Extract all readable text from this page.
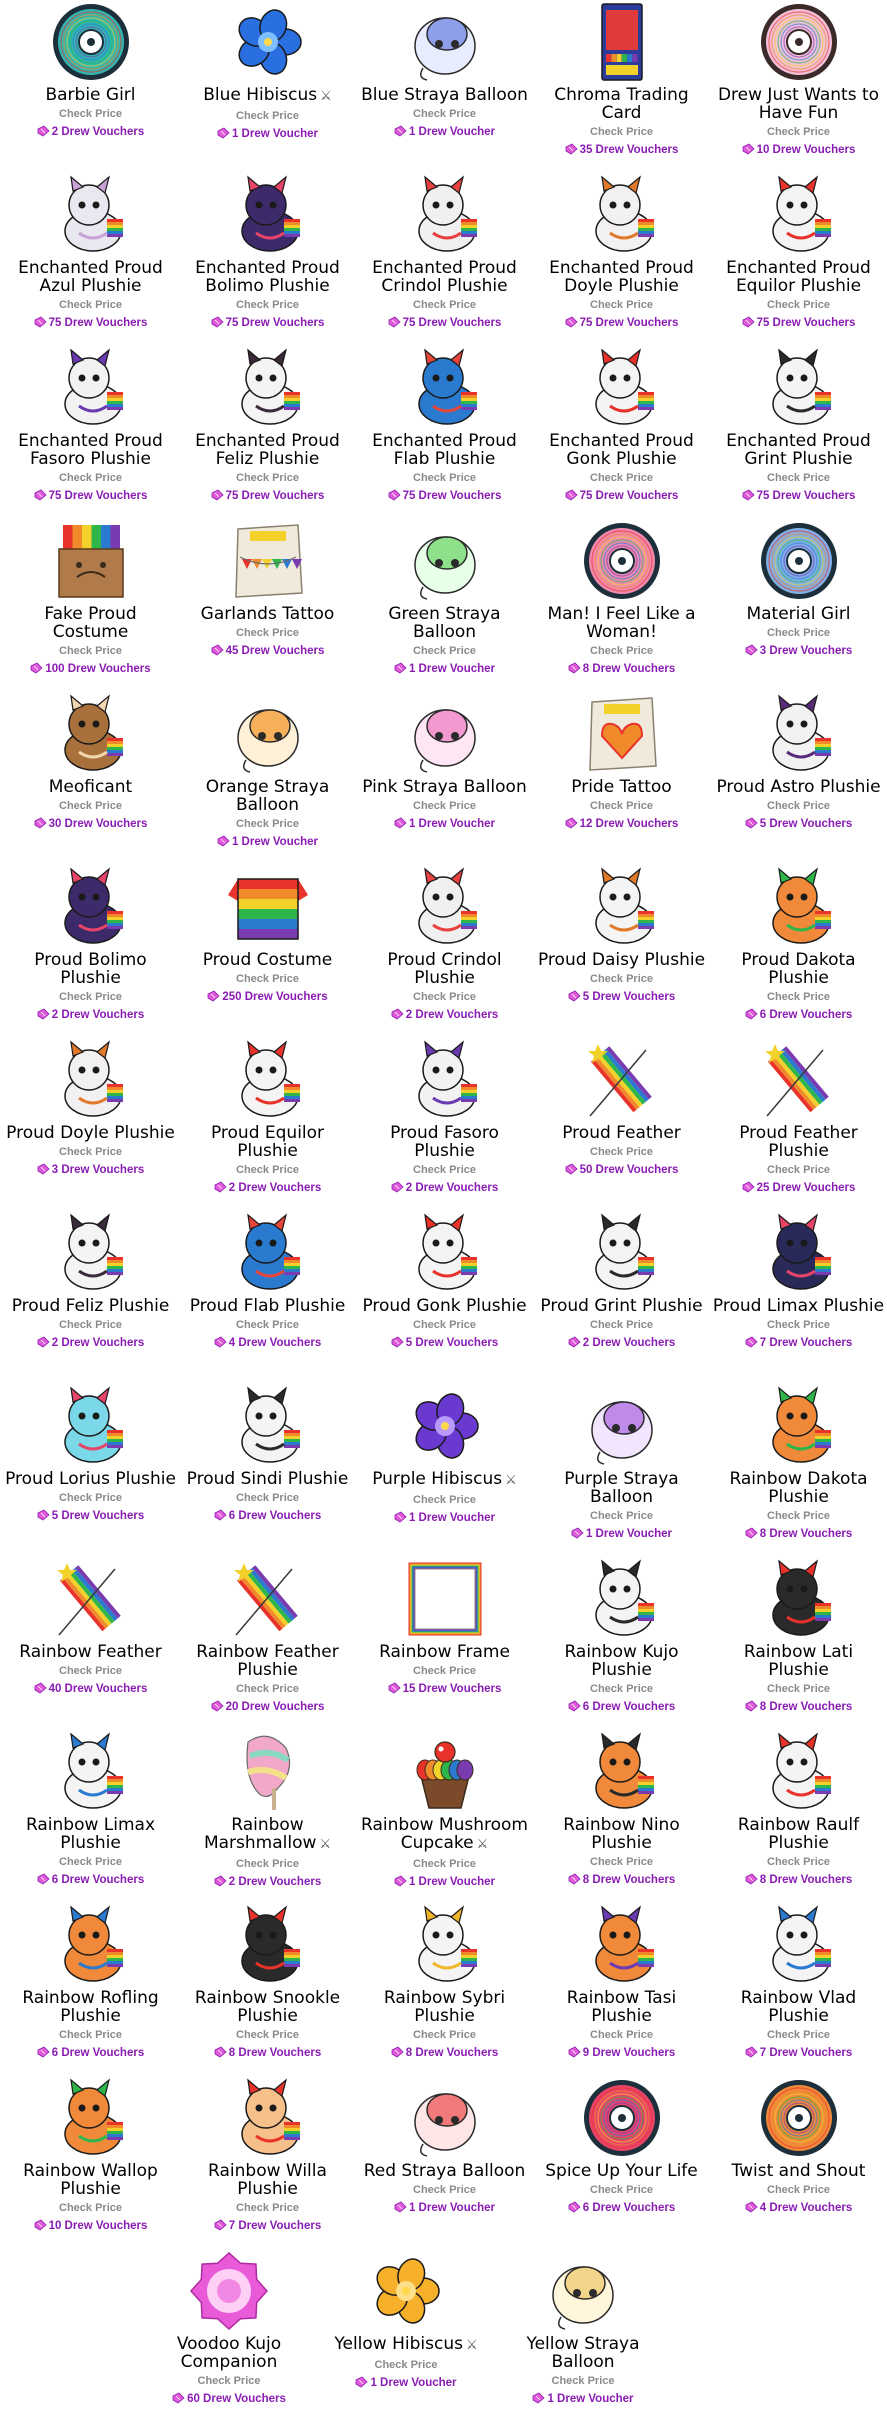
Barbie Girl

Check Price
2 Drew Vouchers
Blue Hibiscus ⚔

Check Price
1 Drew Voucher
Blue Straya Balloon

Check Price
1 Drew Voucher
Chroma Trading Card

Check Price
35 Drew Vouchers
Drew Just Wants to Have Fun

Check Price
10 Drew Vouchers
Enchanted Proud Azul Plushie

Check Price
75 Drew Vouchers
Enchanted Proud Bolimo Plushie

Check Price
75 Drew Vouchers
Enchanted Proud Crindol Plushie

Check Price
75 Drew Vouchers
Enchanted Proud Doyle Plushie

Check Price
75 Drew Vouchers
Enchanted Proud Equilor Plushie

Check Price
75 Drew Vouchers
Enchanted Proud Fasoro Plushie

Check Price
75 Drew Vouchers
Enchanted Proud Feliz Plushie

Check Price
75 Drew Vouchers
Enchanted Proud Flab Plushie

Check Price
75 Drew Vouchers
Enchanted Proud Gonk Plushie

Check Price
75 Drew Vouchers
Enchanted Proud Grint Plushie

Check Price
75 Drew Vouchers
Fake Proud Costume

Check Price
100 Drew Vouchers
Garlands Tattoo

Check Price
45 Drew Vouchers
Green Straya Balloon

Check Price
1 Drew Voucher
Man! I Feel Like a Woman!

Check Price
8 Drew Vouchers
Material Girl

Check Price
3 Drew Vouchers
Meoficant

Check Price
30 Drew Vouchers
Orange Straya Balloon

Check Price
1 Drew Voucher
Pink Straya Balloon

Check Price
1 Drew Voucher
Pride Tattoo

Check Price
12 Drew Vouchers
Proud Astro Plushie

Check Price
5 Drew Vouchers
Proud Bolimo Plushie

Check Price
2 Drew Vouchers
Proud Costume

Check Price
250 Drew Vouchers
Proud Crindol Plushie

Check Price
2 Drew Vouchers
Proud Daisy Plushie

Check Price
5 Drew Vouchers
Proud Dakota Plushie

Check Price
6 Drew Vouchers
Proud Doyle Plushie

Check Price
3 Drew Vouchers
Proud Equilor Plushie

Check Price
2 Drew Vouchers
Proud Fasoro Plushie

Check Price
2 Drew Vouchers
Proud Feather

Check Price
50 Drew Vouchers
Proud Feather Plushie

Check Price
25 Drew Vouchers
Proud Feliz Plushie

Check Price
2 Drew Vouchers
Proud Flab Plushie

Check Price
4 Drew Vouchers
Proud Gonk Plushie

Check Price
5 Drew Vouchers
Proud Grint Plushie

Check Price
2 Drew Vouchers
Proud Limax Plushie

Check Price
7 Drew Vouchers
Proud Lorius Plushie

Check Price
5 Drew Vouchers
Proud Sindi Plushie

Check Price
6 Drew Vouchers
Purple Hibiscus ⚔

Check Price
1 Drew Voucher
Purple Straya Balloon

Check Price
1 Drew Voucher
Rainbow Dakota Plushie

Check Price
8 Drew Vouchers
Rainbow Feather

Check Price
40 Drew Vouchers
Rainbow Feather Plushie

Check Price
20 Drew Vouchers
Rainbow Frame

Check Price
15 Drew Vouchers
Rainbow Kujo Plushie

Check Price
6 Drew Vouchers
Rainbow Lati Plushie

Check Price
8 Drew Vouchers
Rainbow Limax Plushie

Check Price
6 Drew Vouchers
Rainbow Marshmallow ⚔

Check Price
2 Drew Vouchers
Rainbow Mushroom Cupcake ⚔

Check Price
1 Drew Voucher
Rainbow Nino Plushie

Check Price
8 Drew Vouchers
Rainbow Raulf Plushie

Check Price
8 Drew Vouchers
Rainbow Rofling Plushie

Check Price
6 Drew Vouchers
Rainbow Snookle Plushie

Check Price
8 Drew Vouchers
Rainbow Sybri Plushie

Check Price
8 Drew Vouchers
Rainbow Tasi Plushie

Check Price
9 Drew Vouchers
Rainbow Vlad Plushie

Check Price
7 Drew Vouchers
Rainbow Wallop Plushie

Check Price
10 Drew Vouchers
Rainbow Willa Plushie

Check Price
7 Drew Vouchers
Red Straya Balloon

Check Price
1 Drew Voucher
Spice Up Your Life

Check Price
6 Drew Vouchers
Twist and Shout

Check Price
4 Drew Vouchers
Voodoo Kujo Companion

Check Price
60 Drew Vouchers
Yellow Hibiscus ⚔

Check Price
1 Drew Voucher
Yellow Straya Balloon

Check Price
1 Drew Voucher
